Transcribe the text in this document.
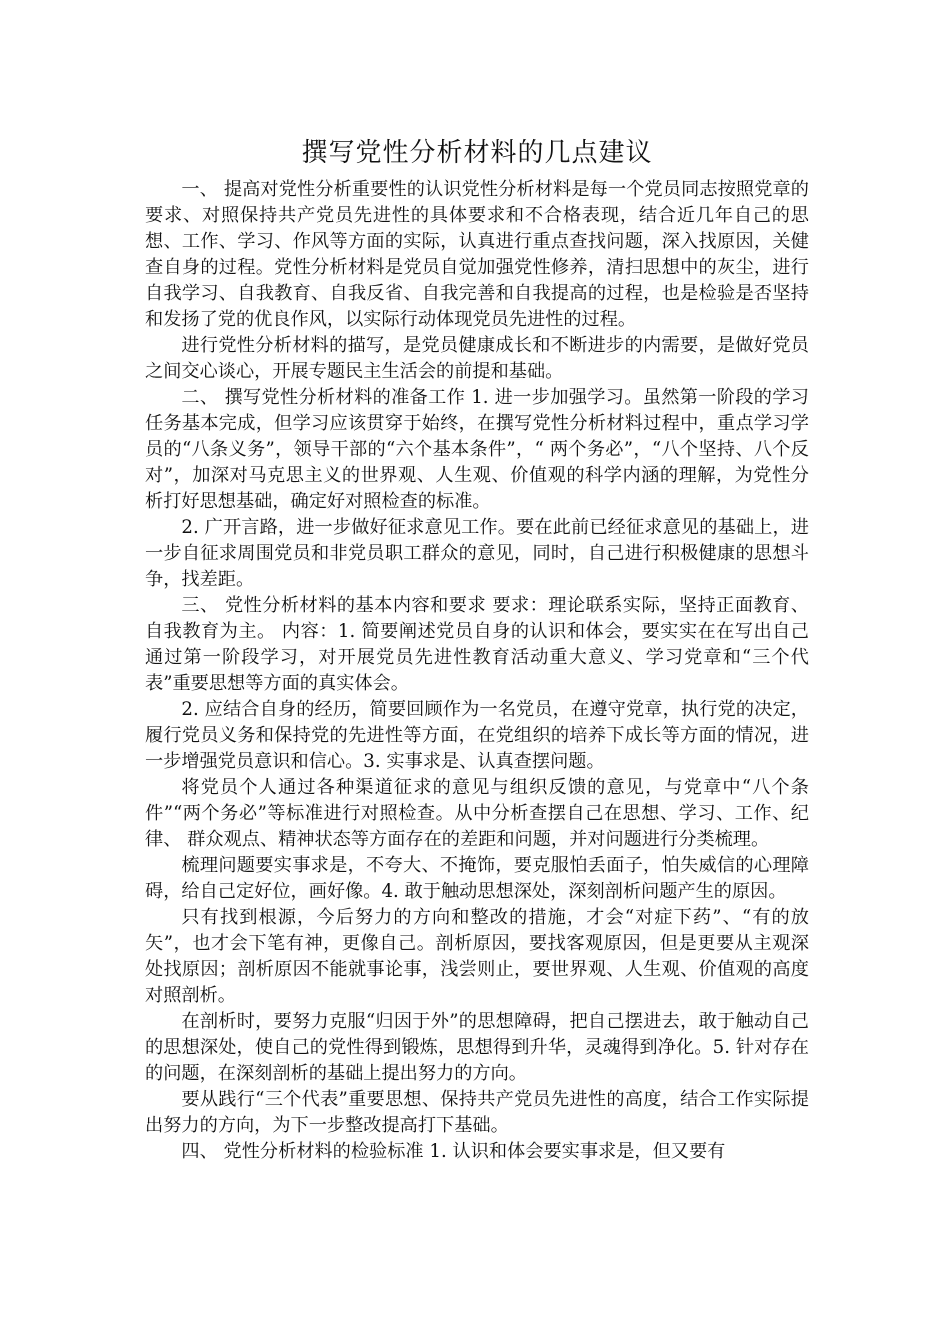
撰写党性分析材料的几点建议

一、 提高对党性分析重要性的认识党性分析材料是每一个党员同志按照党章的要求、对照保持共产党员先进性的具体要求和不合格表现，结合近几年自己的思想、工作、学习、作风等方面的实际，认真进行重点查找问题，深入找原因，关健查自身的过程。党性分析材料是党员自觉加强党性修养，清扫思想中的灰尘，进行自我学习、自我教育、自我反省、自我完善和自我提高的过程，也是检验是否坚持和发扬了党的优良作风，以实际行动体现党员先进性的过程。

进行党性分析材料的描写，是党员健康成长和不断进步的内需要，是做好党员之间交心谈心，开展专题民主生活会的前提和基础。

二、 撰写党性分析材料的准备工作 1. 进一步加强学习。虽然第一阶段的学习任务基本完成，但学习应该贯穿于始终，在撰写党性分析材料过程中，重点学习学员的“八条义务”，领导干部的“六个基本条件”，“ 两个务必”，“八个坚持、八个反对”，加深对马克思主义的世界观、人生观、价值观的科学内涵的理解，为党性分析打好思想基础，确定好对照检查的标准。

2. 广开言路，进一步做好征求意见工作。要在此前已经征求意见的基础上，进一步自征求周围党员和非党员职工群众的意见，同时，自己进行积极健康的思想斗争，找差距。

三、 党性分析材料的基本内容和要求 要求：理论联系实际，坚持正面教育、自我教育为主。 内容：1. 简要阐述党员自身的认识和体会，要实实在在写出自己通过第一阶段学习，对开展党员先进性教育活动重大意义、学习党章和“三个代表”重要思想等方面的真实体会。

2. 应结合自身的经历，简要回顾作为一名党员，在遵守党章，执行党的决定，履行党员义务和保持党的先进性等方面，在党组织的培养下成长等方面的情况，进一步增强党员意识和信心。3. 实事求是、认真查摆问题。

将党员个人通过各种渠道征求的意见与组织反馈的意见，与党章中“八个条件”“两个务必”等标准进行对照检查。从中分析查摆自己在思想、学习、工作、纪律、 群众观点、精神状态等方面存在的差距和问题，并对问题进行分类梳理。

梳理问题要实事求是，不夸大、不掩饰，要克服怕丢面子，怕失威信的心理障碍，给自己定好位，画好像。4. 敢于触动思想深处，深刻剖析问题产生的原因。

只有找到根源，今后努力的方向和整改的措施，才会“对症下药”、“有的放矢”，也才会下笔有神，更像自己。剖析原因，要找客观原因，但是更要从主观深处找原因；剖析原因不能就事论事，浅尝则止，要世界观、人生观、价值观的高度对照剖析。

在剖析时，要努力克服“归因于外”的思想障碍，把自己摆进去，敢于触动自己的思想深处，使自己的党性得到锻炼，思想得到升华，灵魂得到净化。5. 针对存在的问题，在深刻剖析的基础上提出努力的方向。

要从践行“三个代表”重要思想、保持共产党员先进性的高度，结合工作实际提出努力的方向，为下一步整改提高打下基础。

四、 党性分析材料的检验标准 1. 认识和体会要实事求是，但又要有
